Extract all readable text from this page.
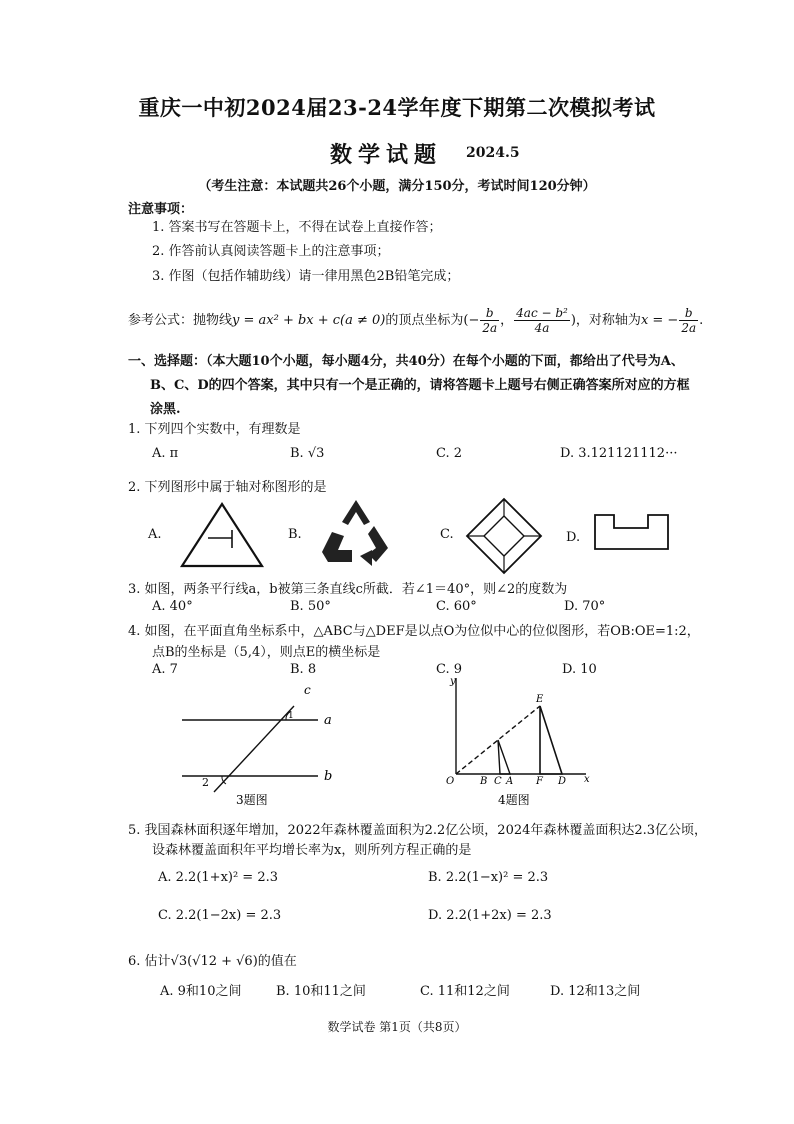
重庆一中初2024届23-24学年度下期第二次模拟考试
数学试题 2024.5
（考生注意：本试题共26个小题，满分150分，考试时间120分钟）
注意事项：
1. 答案书写在答题卡上，不得在试卷上直接作答；
2. 作答前认真阅读答题卡上的注意事项；
3. 作图（包括作辅助线）请一律用黑色2B铅笔完成；
参考公式：抛物线y = ax² + bx + c(a ≠ 0)的顶点坐标为(− $\frac{b}{2a}$ ， $\frac{\text{4ac − b²}}{4a}$ )，对称轴为x = − $\frac{b}{2a}$ .
一、选择题：（本大题10个小题，每小题4分，共40分）在每个小题的下面，都给出了代号为A、
B、C、D的四个答案，其中只有一个是正确的，请将答题卡上题号右侧正确答案所对应的方框
涂黑.
1. 下列四个实数中，有理数是
A. π	B. √3	C. 2	D. 3.121121112···
2. 下列图形中属于轴对称图形的是
A.	B.	C.	D.
3. 如图，两条平行线a，b被第三条直线c所截．若∠1＝40°，则∠2的度数为
A. 40°	B. 50°	C. 60°	D. 70°
4. 如图，在平面直角坐标系中，△ABC与△DEF是以点O为位似中心的位似图形，若OB:OE=1:2，
点B的坐标是（5,4），则点E的横坐标是
A. 7	B. 8	C. 9	D. 10
c
a
b
1
2
3题图
y
x
O	B C A F D
E
4题图
5. 我国森林面积逐年增加，2022年森林覆盖面积为2.2亿公顷，2024年森林覆盖面积达2.3亿公顷，
设森林覆盖面积年平均增长率为x，则所列方程正确的是
A. 2.2(1+x)² = 2.3	B. 2.2(1−x)² = 2.3
C. 2.2(1−2x) = 2.3	D. 2.2(1+2x) = 2.3
6. 估计√3(√12 + √6)的值在
A. 9和10之间	B. 10和11之间	C. 11和12之间	D. 12和13之间
数学试卷 第1页（共8页）
